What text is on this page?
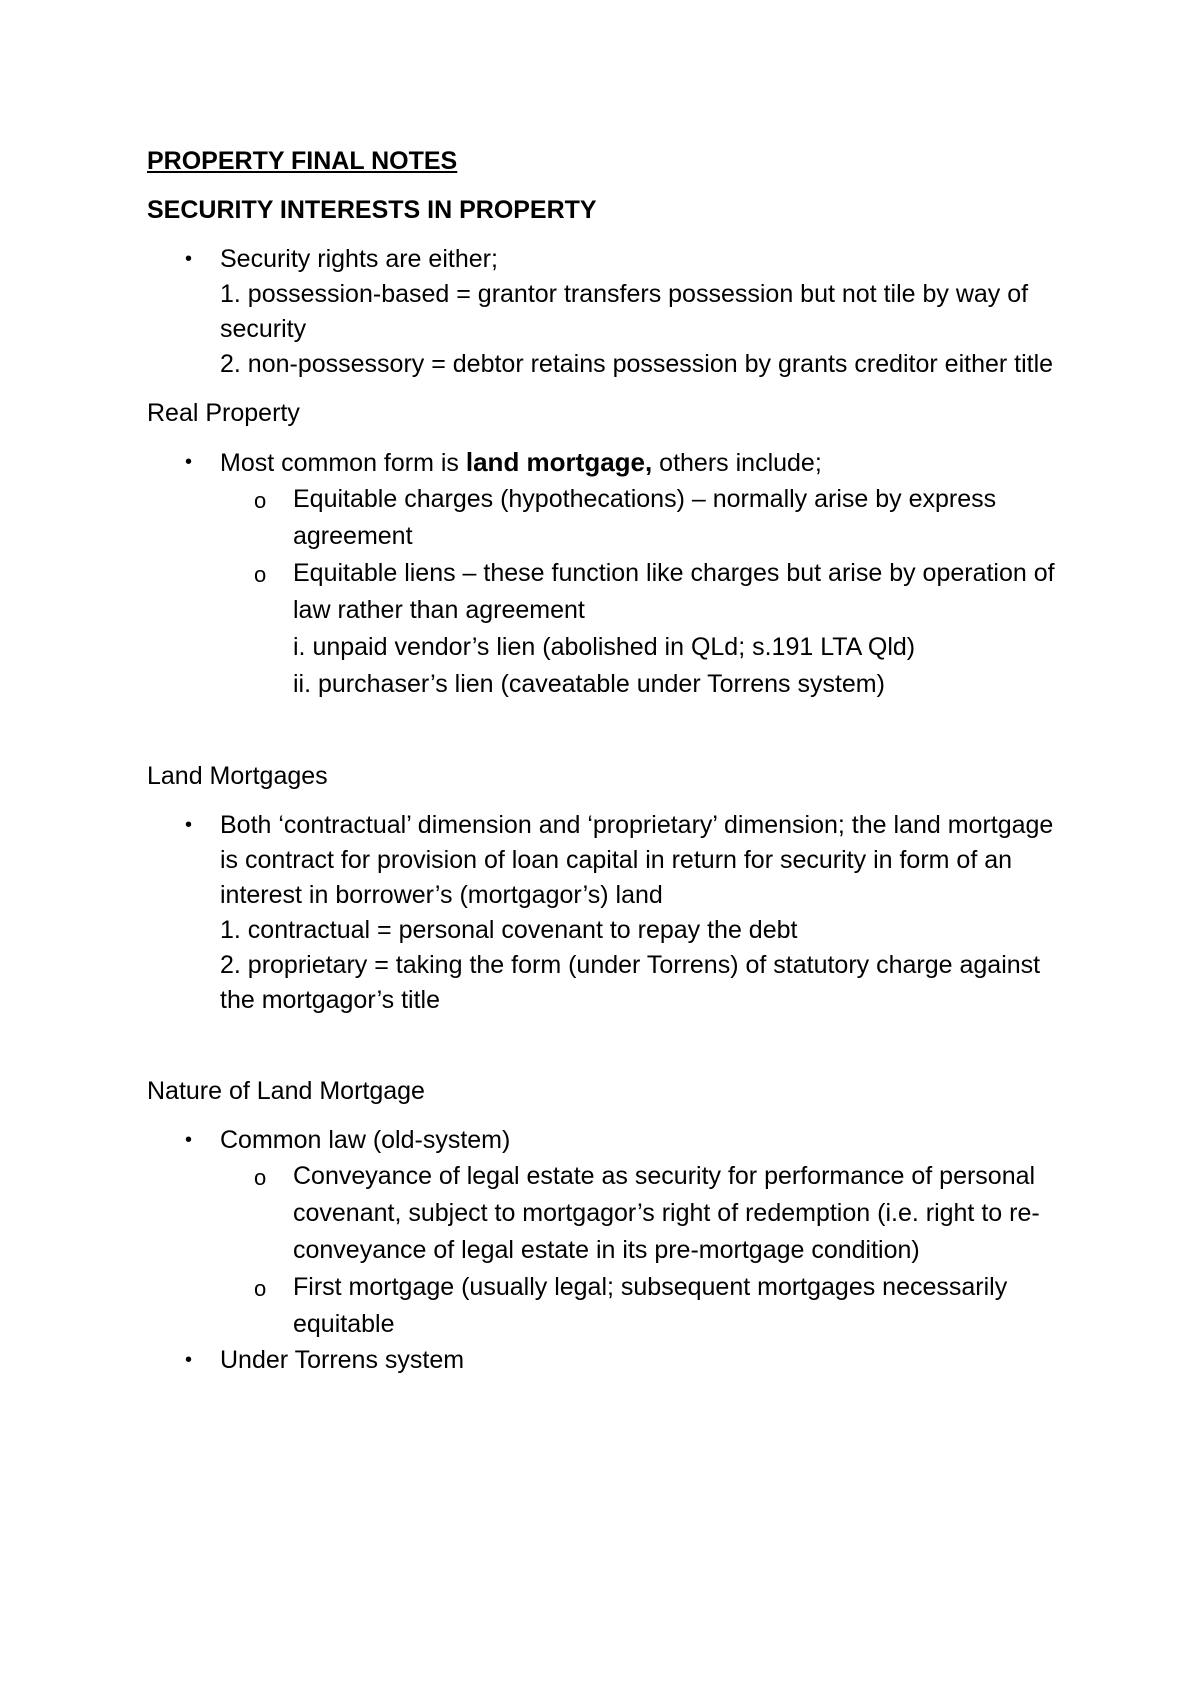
PROPERTY FINAL NOTES
SECURITY INTERESTS IN PROPERTY
• Security rights are either;
1. possession-based = grantor transfers possession but not tile by way of security
2. non-possessory = debtor retains possession by grants creditor either title
Real Property
• Most common form is land mortgage, others include;
o Equitable charges (hypothecations) – normally arise by express agreement
o Equitable liens – these function like charges but arise by operation of law rather than agreement
i. unpaid vendor’s lien (abolished in QLd; s.191 LTA Qld)
ii. purchaser’s lien (caveatable under Torrens system)
Land Mortgages
• Both ‘contractual’ dimension and ‘proprietary’ dimension; the land mortgage is contract for provision of loan capital in return for security in form of an interest in borrower’s (mortgagor’s) land
1. contractual = personal covenant to repay the debt
2. proprietary = taking the form (under Torrens) of statutory charge against the mortgagor’s title
Nature of Land Mortgage
• Common law (old-system)
o Conveyance of legal estate as security for performance of personal covenant, subject to mortgagor’s right of redemption (i.e. right to re-conveyance of legal estate in its pre-mortgage condition)
o First mortgage (usually legal; subsequent mortgages necessarily equitable
• Under Torrens system
